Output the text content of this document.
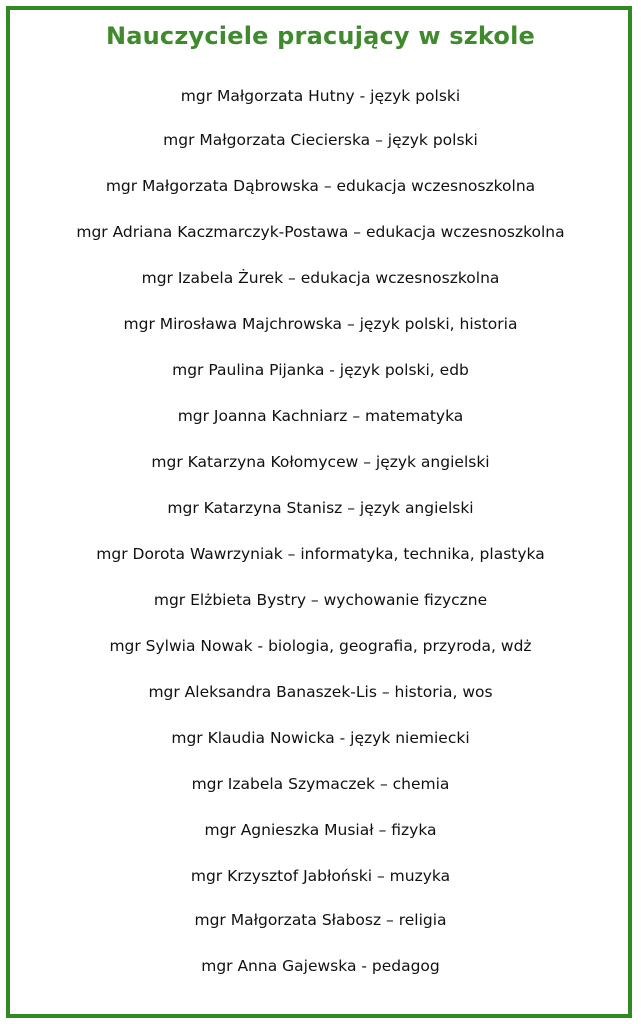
Nauczyciele pracujący w szkole
mgr Małgorzata Hutny - język polski
mgr Małgorzata Ciecierska – język polski
mgr Małgorzata Dąbrowska – edukacja wczesnoszkolna
mgr Adriana Kaczmarczyk-Postawa – edukacja wczesnoszkolna
mgr Izabela Żurek – edukacja wczesnoszkolna
mgr Mirosława Majchrowska – język polski, historia
mgr Paulina Pijanka - język polski, edb
mgr Joanna Kachniarz – matematyka
mgr Katarzyna Kołomycew – język angielski
mgr Katarzyna Stanisz – język angielski
mgr Dorota Wawrzyniak – informatyka, technika, plastyka
mgr Elżbieta Bystry – wychowanie fizyczne
mgr Sylwia Nowak - biologia, geografia, przyroda, wdż
mgr Aleksandra Banaszek-Lis – historia, wos
mgr Klaudia Nowicka - język niemiecki
mgr Izabela Szymaczek – chemia
mgr Agnieszka Musiał – fizyka
mgr Krzysztof Jabłoński – muzyka
mgr Małgorzata Słabosz – religia
mgr Anna Gajewska - pedagog
